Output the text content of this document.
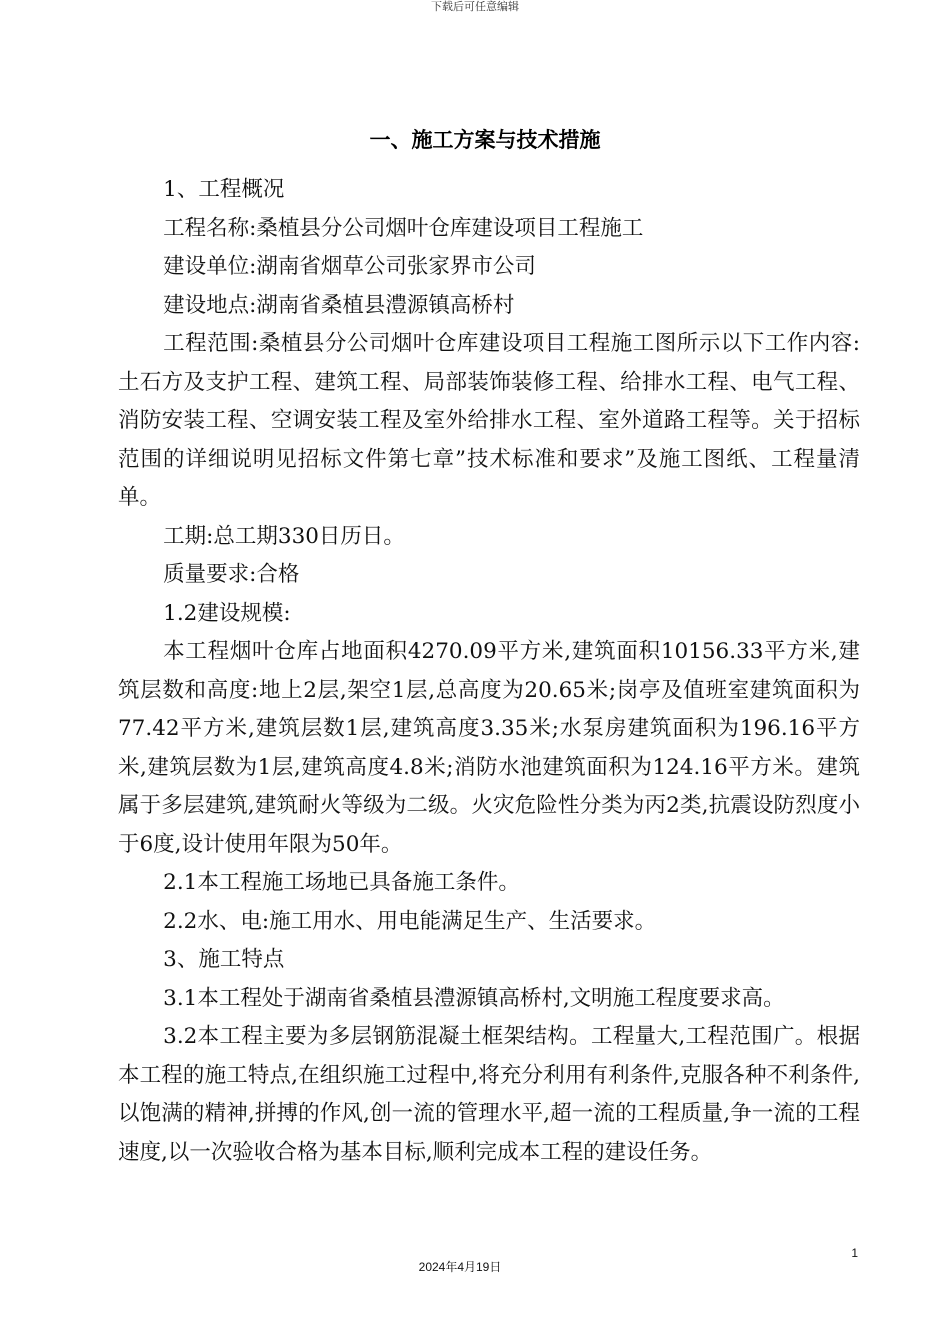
下载后可任意编辑
一、施工方案与技术措施

1、工程概况

工程名称:桑植县分公司烟叶仓库建设项目工程施工

建设单位:湖南省烟草公司张家界市公司

建设地点:湖南省桑植县澧源镇高桥村

工程范围:桑植县分公司烟叶仓库建设项目工程施工图所示以下工作内容:土石方及支护工程、建筑工程、局部装饰装修工程、给排水工程、电气工程、消防安装工程、空调安装工程及室外给排水工程、室外道路工程等。关于招标范围的详细说明见招标文件第七章”技术标准和要求”及施工图纸、工程量清单。

工期:总工期330日历日。

质量要求:合格

1.2建设规模:

本工程烟叶仓库占地面积4270.09平方米,建筑面积10156.33平方米,建筑层数和高度:地上2层,架空1层,总高度为20.65米;岗亭及值班室建筑面积为77.42平方米,建筑层数1层,建筑高度3.35米;水泵房建筑面积为196.16平方米,建筑层数为1层,建筑高度4.8米;消防水池建筑面积为124.16平方米。建筑属于多层建筑,建筑耐火等级为二级。火灾危险性分类为丙2类,抗震设防烈度小于6度,设计使用年限为50年。

2.1本工程施工场地已具备施工条件。

2.2水、电:施工用水、用电能满足生产、生活要求。

3、施工特点

3.1本工程处于湖南省桑植县澧源镇高桥村,文明施工程度要求高。

3.2本工程主要为多层钢筋混凝土框架结构。工程量大,工程范围广。根据本工程的施工特点,在组织施工过程中,将充分利用有利条件,克服各种不利条件,以饱满的精神,拼搏的作风,创一流的管理水平,超一流的工程质量,争一流的工程速度,以一次验收合格为基本目标,顺利完成本工程的建设任务。

1
2024年4月19日
